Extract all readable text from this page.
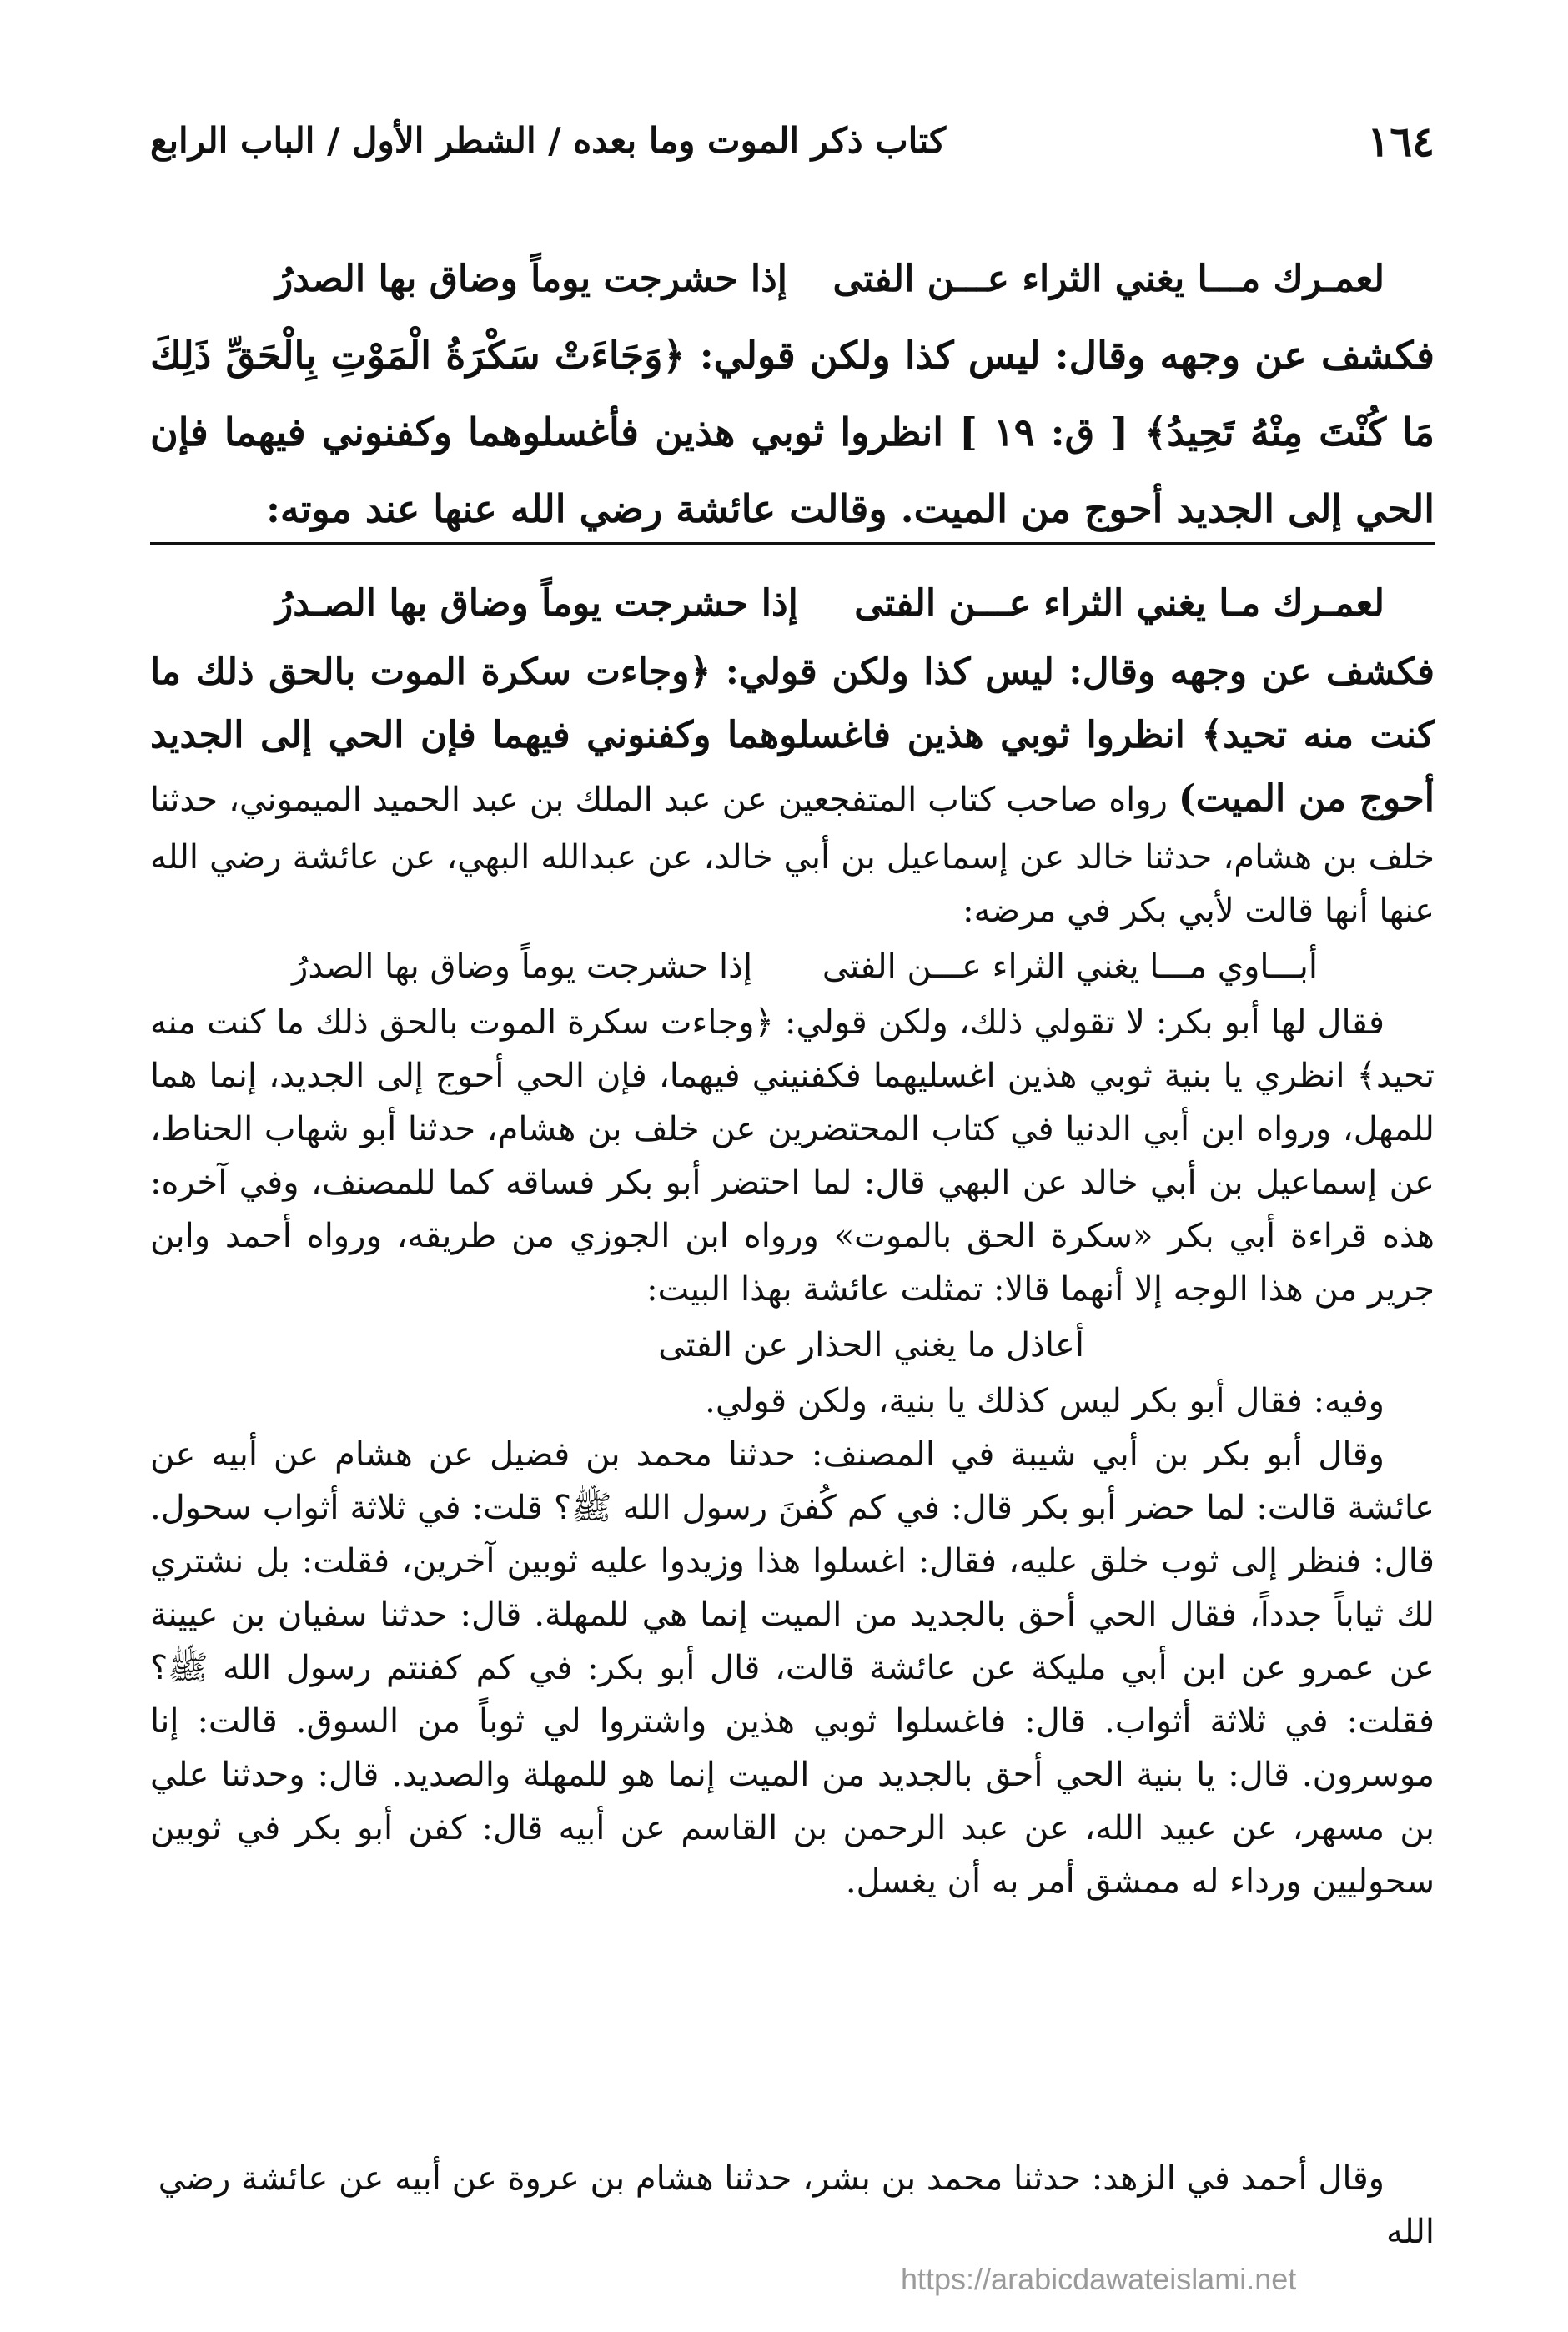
١٦٤
كتاب ذكر الموت وما بعده / الشطر الأول / الباب الرابع
لعمـرك مـــا يغني الثراء عـــن الفتى
إذا حشرجت يوماً وضاق بها الصدرُ

فكشف عن وجهه وقال: ليس كذا ولكن قولي: ﴿وَجَاءَتْ سَكْرَةُ الْمَوْتِ بِالْحَقِّ ذَلِكَ مَا كُنْتَ مِنْهُ تَحِيدُ﴾ [ ق: ١٩ ] انظروا ثوبي هذين فأغسلوهما وكفنوني فيهما فإن الحي إلى الجديد أحوج من الميت. وقالت عائشة رضي الله عنها عند موته:

لعمـرك مـا يغني الثراء عـــن الفتى
إذا حشرجت يوماً وضاق بها الصـدرُ

فكشف عن وجهه وقال: ليس كذا ولكن قولي: ﴿وجاءت سكرة الموت بالحق ذلك ما كنت منه تحيد﴾ انظروا ثوبي هذين فاغسلوهما وكفنوني فيهما فإن الحي إلى الجديد أحوج من الميت) رواه صاحب كتاب المتفجعين عن عبد الملك بن عبد الحميد الميموني، حدثنا خلف بن هشام، حدثنا خالد عن إسماعيل بن أبي خالد، عن عبدالله البهي، عن عائشة رضي الله عنها أنها قالت لأبي بكر في مرضه:

أبـــاوي مـــا يغني الثراء عـــن الفتى
إذا حشرجت يوماً وضاق بها الصدرُ

فقال لها أبو بكر: لا تقولي ذلك، ولكن قولي: ﴿وجاءت سكرة الموت بالحق ذلك ما كنت منه تحيد﴾ انظري يا بنية ثوبي هذين اغسليهما فكفنيني فيهما، فإن الحي أحوج إلى الجديد، إنما هما للمهل، ورواه ابن أبي الدنيا في كتاب المحتضرين عن خلف بن هشام، حدثنا أبو شهاب الحناط، عن إسماعيل بن أبي خالد عن البهي قال: لما احتضر أبو بكر فساقه كما للمصنف، وفي آخره: هذه قراءة أبي بكر «سكرة الحق بالموت» ورواه ابن الجوزي من طريقه، ورواه أحمد وابن جرير من هذا الوجه إلا أنهما قالا: تمثلت عائشة بهذا البيت:

أعاذل ما يغني الحذار عن الفتى

وفيه: فقال أبو بكر ليس كذلك يا بنية، ولكن قولي.

وقال أبو بكر بن أبي شيبة في المصنف: حدثنا محمد بن فضيل عن هشام عن أبيه عن عائشة قالت: لما حضر أبو بكر قال: في كم كُفنَ رسول الله ﷺ؟ قلت: في ثلاثة أثواب سحول. قال: فنظر إلى ثوب خلق عليه، فقال: اغسلوا هذا وزيدوا عليه ثوبين آخرين، فقلت: بل نشتري لك ثياباً جدداً، فقال الحي أحق بالجديد من الميت إنما هي للمهلة. قال: حدثنا سفيان بن عيينة عن عمرو عن ابن أبي مليكة عن عائشة قالت، قال أبو بكر: في كم كفنتم رسول الله ﷺ؟ فقلت: في ثلاثة أثواب. قال: فاغسلوا ثوبي هذين واشتروا لي ثوباً من السوق. قالت: إنا موسرون. قال: يا بنية الحي أحق بالجديد من الميت إنما هو للمهلة والصديد. قال: وحدثنا علي بن مسهر، عن عبيد الله، عن عبد الرحمن بن القاسم عن أبيه قال: كفن أبو بكر في ثوبين سحوليين ورداء له ممشق أمر به أن يغسل.

وقال أحمد في الزهد: حدثنا محمد بن بشر، حدثنا هشام بن عروة عن أبيه عن عائشة رضي الله

https://arabicdawateislami.net
